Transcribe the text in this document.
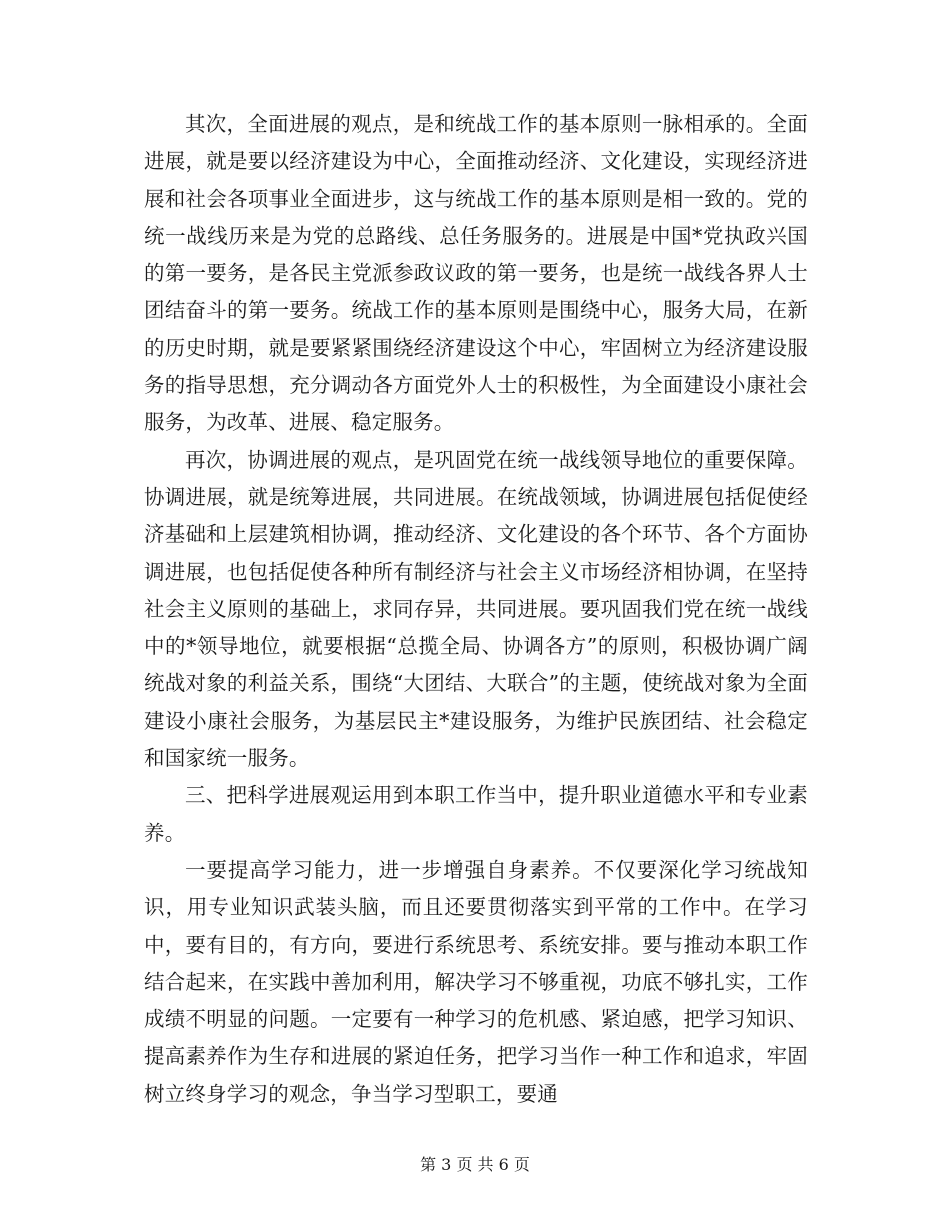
其次，全面进展的观点，是和统战工作的基本原则一脉相承的。全面进展，就是要以经济建设为中心，全面推动经济、文化建设，实现经济进展和社会各项事业全面进步，这与统战工作的基本原则是相一致的。党的统一战线历来是为党的总路线、总任务服务的。进展是中国*党执政兴国的第一要务，是各民主党派参政议政的第一要务，也是统一战线各界人士团结奋斗的第一要务。统战工作的基本原则是围绕中心，服务大局，在新的历史时期，就是要紧紧围绕经济建设这个中心，牢固树立为经济建设服务的指导思想，充分调动各方面党外人士的积极性，为全面建设小康社会服务，为改革、进展、稳定服务。

再次，协调进展的观点，是巩固党在统一战线领导地位的重要保障。协调进展，就是统筹进展，共同进展。在统战领域，协调进展包括促使经济基础和上层建筑相协调，推动经济、文化建设的各个环节、各个方面协调进展，也包括促使各种所有制经济与社会主义市场经济相协调，在坚持社会主义原则的基础上，求同存异，共同进展。要巩固我们党在统一战线中的*领导地位，就要根据“总揽全局、协调各方”的原则，积极协调广阔统战对象的利益关系，围绕“大团结、大联合”的主题，使统战对象为全面建设小康社会服务，为基层民主*建设服务，为维护民族团结、社会稳定和国家统一服务。

三、把科学进展观运用到本职工作当中，提升职业道德水平和专业素养。

一要提高学习能力，进一步增强自身素养。不仅要深化学习统战知识，用专业知识武装头脑，而且还要贯彻落实到平常的工作中。在学习中，要有目的，有方向，要进行系统思考、系统安排。要与推动本职工作结合起来，在实践中善加利用，解决学习不够重视，功底不够扎实，工作成绩不明显的问题。一定要有一种学习的危机感、紧迫感，把学习知识、提高素养作为生存和进展的紧迫任务，把学习当作一种工作和追求，牢固树立终身学习的观念，争当学习型职工，要通

第 3 页 共 6 页
